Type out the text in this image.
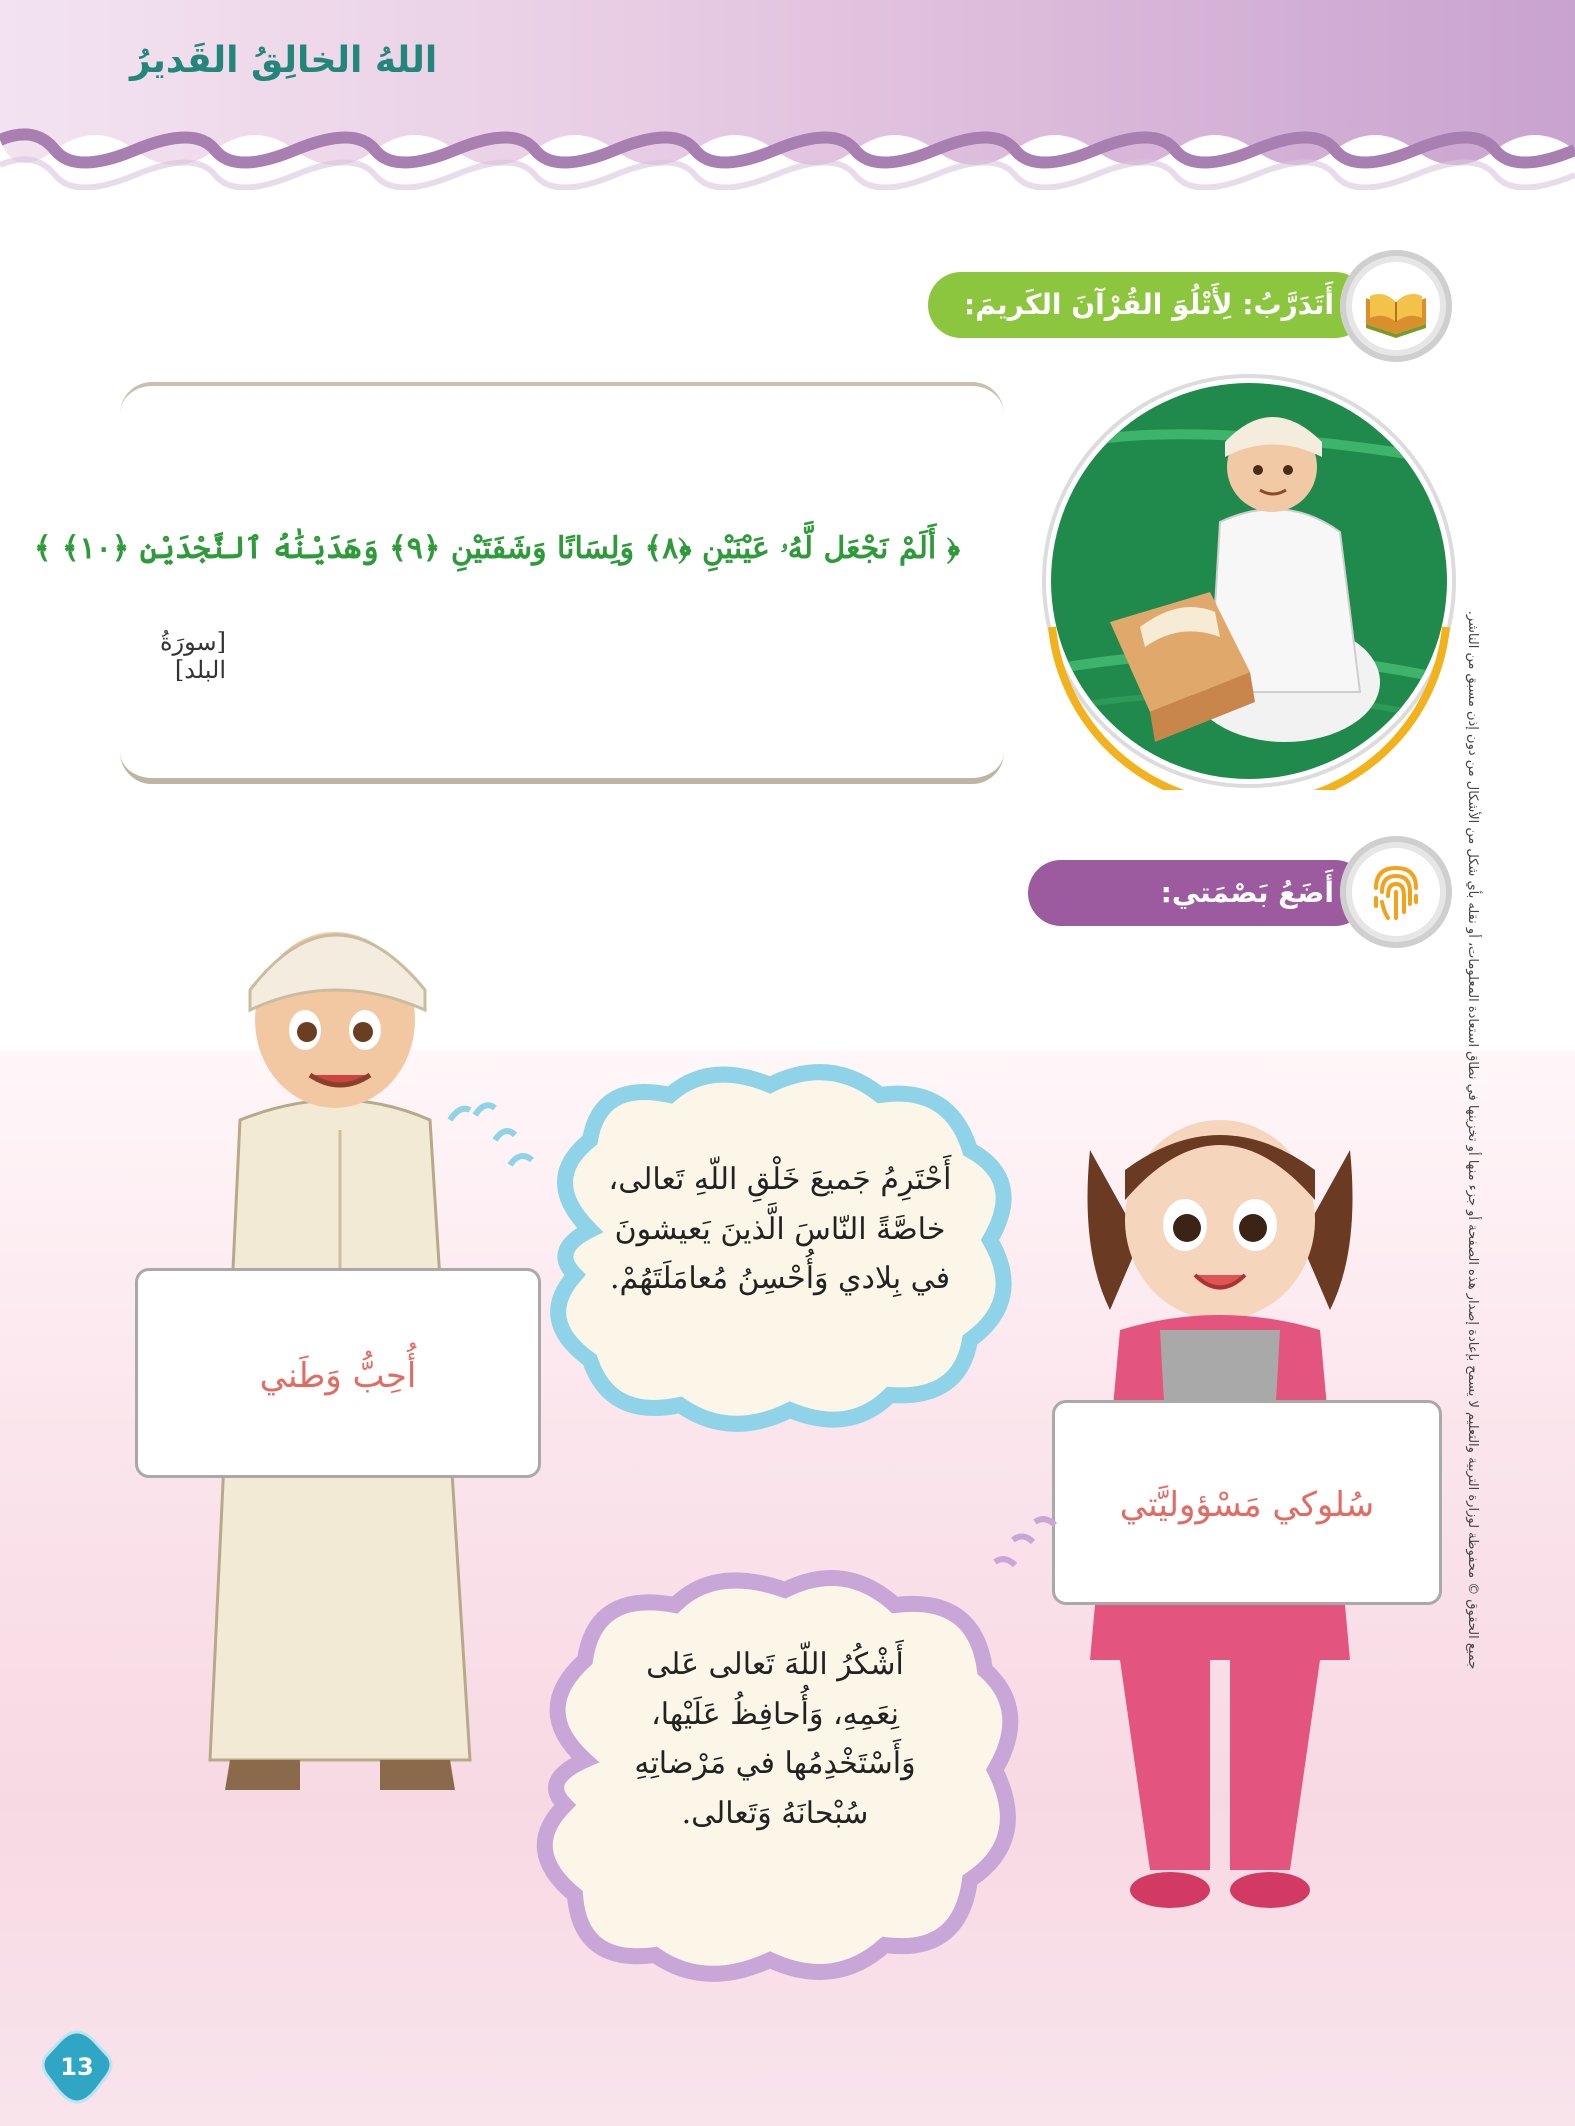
اللهُ الخالِقُ القَديرُ
جميع الحقوق © محفوظة لوزارة التربية والتعليم لا يسمح بإعادة إصدار هذه الصفحة أو جزء منها أو تخزينها في نطاق استعادة المعلومات، أو نقله بأي شكل من الأشكال من دون إذن مسبق من الناشر.
أَتَدَرَّبُ: لِأَتْلُوَ القُرْآنَ الكَريمَ:
﴿ أَلَمْ نَجْعَل لَّهُۥ عَيْنَيْنِ ﴿٨﴾ وَلِسَانًا وَشَفَتَيْنِ ﴿٩﴾ وَهَدَيْنَٰهُ ٱلنَّجْدَيْنِ ﴿١٠﴾ ﴾
[سورَةُ البلد]
أَضَعُ بَصْمَتي:
أَحْتَرِمُ جَميعَ خَلْقِ اللّهِ تَعالى،
خاصَّةً النّاسَ الَّذينَ يَعيشونَ
في بِلادي وَأُحْسِنُ مُعامَلَتَهُمْ.
أُحِبُّ وَطَني
سُلوكي مَسْؤوليَّتي
أَشْكُرُ اللّهَ تَعالى عَلى
نِعَمِهِ، وَأُحافِظُ عَلَيْها،
وَأَسْتَخْدِمُها في مَرْضاتِهِ
سُبْحانَهُ وَتَعالى.
13
